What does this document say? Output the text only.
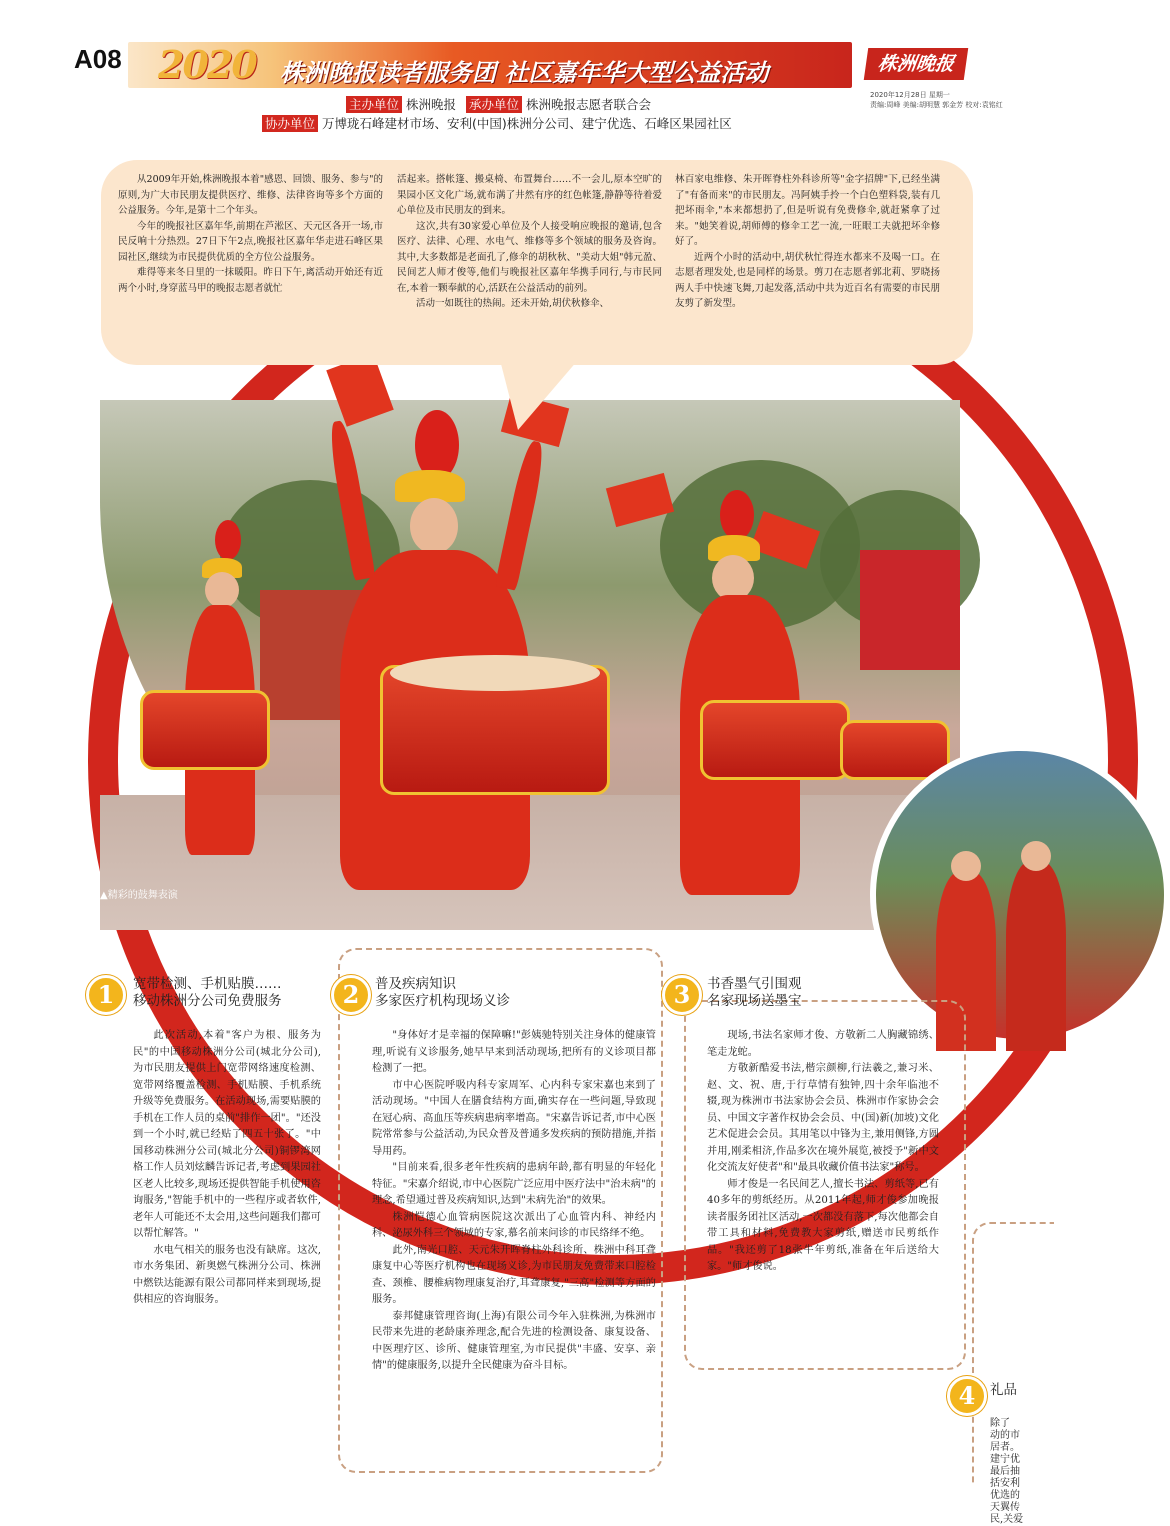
A08 2020 株洲晚报读者服务团 社区嘉年华大型公益活动	株洲晚报
2020年12月28日 星期一
责编:周峰 美编:胡明慧 郭金芳 校对:袁铭红
主办单位 株洲晚报 承办单位 株洲晚报志愿者联合会
协办单位 万博珑石峰建材市场、安利(中国)株洲分公司、建宁优选、石峰区果园社区
▲精彩的鼓舞表演

从2009年开始,株洲晚报本着"感恩、回馈、服务、参与"的原则,为广大市民朋友提供医疗、维修、法律咨询等多个方面的公益服务。今年,是第十二个年头。

今年的晚报社区嘉年华,前期在芦淞区、天元区各开一场,市民反响十分热烈。27日下午2点,晚报社区嘉年华走进石峰区果园社区,继续为市民提供优质的全方位公益服务。

难得等来冬日里的一抹暖阳。昨日下午,离活动开始还有近两个小时,身穿蓝马甲的晚报志愿者就忙

活起来。搭帐篷、搬桌椅、布置舞台……不一会儿,原本空旷的果园小区文化广场,就布满了井然有序的红色帐篷,静静等待着爱心单位及市民朋友的到来。

这次,共有30家爱心单位及个人接受响应晚报的邀请,包含医疗、法律、心理、水电气、维修等多个领域的服务及咨询。其中,大多数都是老面孔了,修伞的胡秋秋、"美动大姐"韩元盈、民间艺人师才俊等,他们与晚报社区嘉年华携手同行,与市民同在,本着一颗奉献的心,活跃在公益活动的前列。

活动一如既往的热闹。还未开始,胡伏秋修伞、

林百家电维修、朱开晖脊柱外科诊所等"金字招牌"下,已经坐满了"有备而来"的市民朋友。冯阿姨手拎一个白色塑料袋,装有几把坏雨伞,"本来都想扔了,但是听说有免费修伞,就赶紧拿了过来。"她笑着说,胡师傅的修伞工艺一流,一旺眼工夫就把坏伞修好了。

近两个小时的活动中,胡伏秋忙得连水都来不及喝一口。在志愿者理发处,也是同样的场景。剪刀在志愿者郭北莉、罗晓扬两人手中快速飞舞,刀起发落,活动中共为近百名有需要的市民朋友剪了新发型。

1	宽带检测、手机贴膜……
移动株洲分公司免费服务

此次活动,本着"客户为根、服务为民"的中国移动株洲分公司(城北分公司),为市民朋友提供上门宽带网络速度检测、宽带网络覆盖检测、手机贴膜、手机系统升级等免费服务。在活动现场,需要贴膜的手机在工作人员的桌前"排作一团"。"还没到一个小时,就已经贴了四五十张了。"中国移动株洲分公司(城北分公司)铜锣湾网格工作人员刘炫麟告诉记者,考虑到果园社区老人比较多,现场还提供智能手机使用咨询服务,"智能手机中的一些程序或者软件,老年人可能还不太会用,这些问题我们都可以帮忙解答。"

水电气相关的服务也没有缺席。这次,市水务集团、新奥燃气株洲分公司、株洲中燃铁达能源有限公司都同样来到现场,提供相应的咨询服务。

2	普及疾病知识
多家医疗机构现场义诊

"身体好才是幸福的保障嘛!"彭姨驰特别关注身体的健康管理,听说有义诊服务,她早早来到活动现场,把所有的义诊项目都检测了一把。

市中心医院呼吸内科专家周军、心内科专家宋嘉也来到了活动现场。"中国人在膳食结构方面,确实存在一些问题,导致现在冠心病、高血压等疾病患病率增高。"宋嘉告诉记者,市中心医院常常参与公益活动,为民众普及普通多发疾病的预防措施,并指导用药。

"目前来看,很多老年性疾病的患病年龄,都有明显的年轻化特征。"宋嘉介绍说,市中心医院广泛应用中医疗法中"治未病"的理念,希望通过普及疾病知识,达到"未病先治"的效果。

株洲恺德心血管病医院这次派出了心血管内科、神经内科、泌尿外科三个领域的专家,慕名前来问诊的市民络绎不绝。

此外,南光口腔、天元朱开晖脊柱外科诊所、株洲中科耳聋康复中心等医疗机构也在现场义诊,为市民朋友免费带来口腔检查、颈椎、腰椎病物理康复治疗,耳聋康复,"三高"检测等方面的服务。

泰邦健康管理咨询(上海)有限公司今年入驻株洲,为株洲市民带来先进的老龄康养理念,配合先进的检测设备、康复设备、中医理疗区、诊所、健康管理室,为市民提供"丰盛、安享、亲情"的健康服务,以提升全民健康为奋斗目标。

3	书香墨气引围观
名家现场送墨宝

现场,书法名家师才俊、方敬新二人胸藏锦绣、笔走龙蛇。

方敬新酷爱书法,楷宗颜柳,行法羲之,兼习米、赵、文、祝、唐,于行草情有独钟,四十余年临池不辍,现为株洲市书法家协会会员、株洲市作家协会会员、中国文字著作权协会会员、中(国)新(加坡)文化艺术促进会会员。其用笔以中锋为主,兼用侧锋,方圆并用,刚柔相济,作品多次在境外展览,被授予"新中文化交流友好使者"和"最具收藏价值书法家"称号。

师才俊是一名民间艺人,擅长书法、剪纸等,已有40多年的剪纸经历。从2011年起,师才俊参加晚报读者服务团社区活动,一次都没有落下,每次他都会自带工具和材料,免费教大家剪纸,赠送市民剪纸作品。"我还剪了18张牛年剪纸,准备在年后送给大家。"师才俊说。

4	礼品
除了
动的市
居者。
建宁优
最后抽
括安利
优选的
天翼传
民,关爱
